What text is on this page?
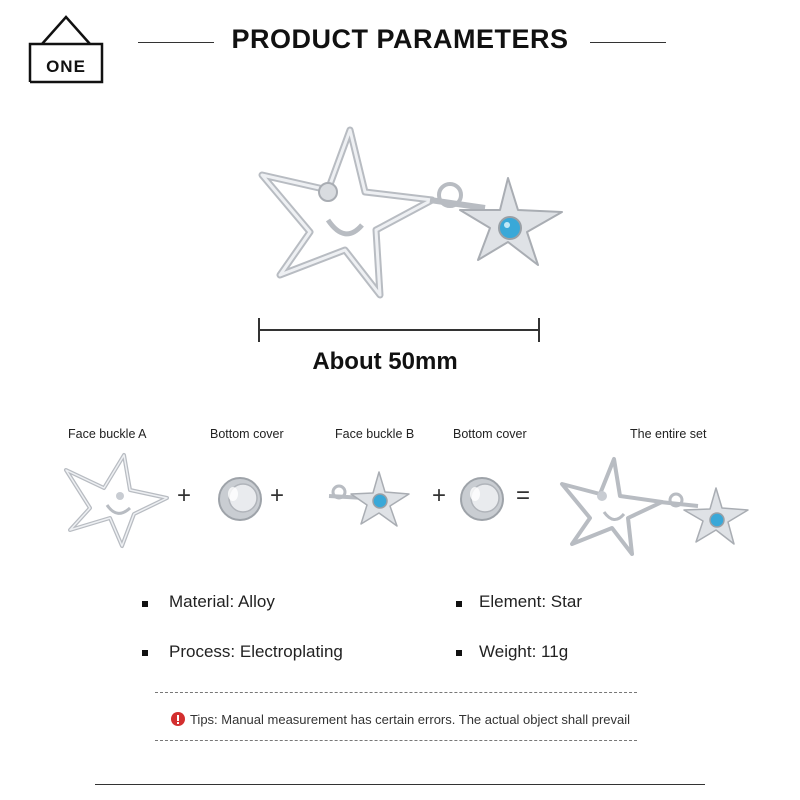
ONE
PRODUCT PARAMETERS
About 50mm
Face buckle A	Bottom cover	Face buckle B	Bottom cover	The entire set
+	+	+	=
Material: Alloy	Element: Star
Process: Electroplating	Weight: 11g
Tips: Manual measurement has certain errors. The actual object shall prevail
